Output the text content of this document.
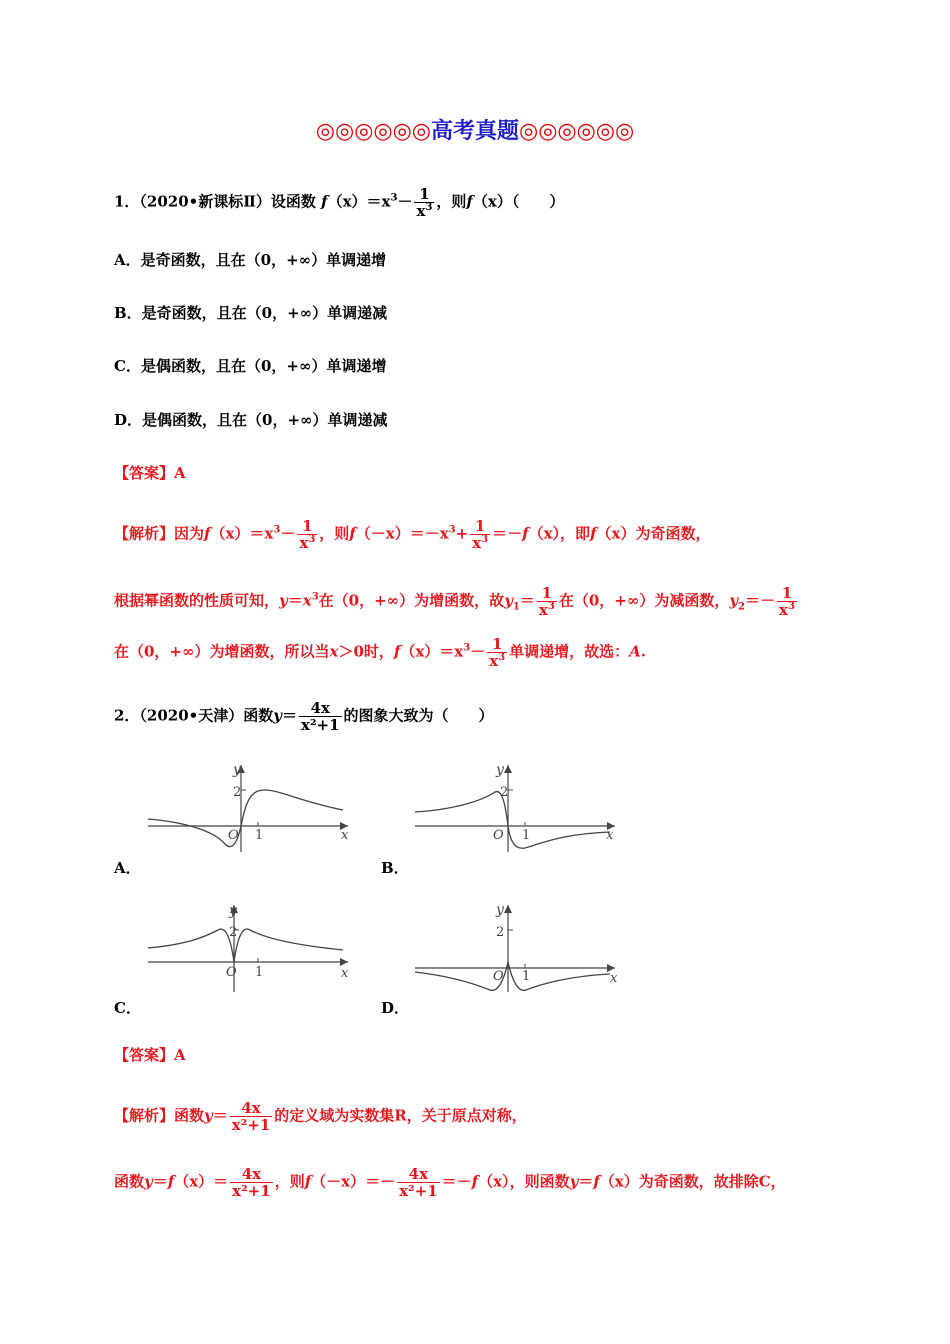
◎◎◎◎◎◎高考真题◎◎◎◎◎◎
1．（2020•新课标Ⅱ）设函数 $f(x)=x^3- \frac{1}{x^3}$ ，则f（x）（　　）
A．是奇函数，且在（0，+∞）单调递增
B．是奇函数，且在（0，+∞）单调递减
C．是偶函数，且在（0，+∞）单调递增
D．是偶函数，且在（0，+∞）单调递减
【答案】A
【解析】因为$f(x)=x^3- \frac{1}{x^3}$ ，则$f(-x)=-x^3+ \frac{1}{x^3} =-f(x)$，即f（x）为奇函数，
根据幂函数的性质可知，$y=x^3$在（0，+∞）为增函数，故$y_1= \frac{1}{x^3}$ 在（0，+∞）为减函数，$y_2=- \frac{1}{x^3}$
在（0，+∞）为增函数，所以当x＞0时，$f(x)=x^3- \frac{1}{x^3}$ 单调递增，故选：A.
2．（2020•天津）函数$y= \frac{4x}{\text{x²+1}}$ 的图象大致为（　　）
y
2
O 1	x
A．
y
2
O 1	x
B．
y
2
O 1	x
C．
y
2
O 1	x
D．
【答案】A
【解析】函数$y= \frac{4x}{\text{x²+1}}$ 的定义域为实数集R，关于原点对称，
函数$y=f(x)= \frac{4x}{\text{x²+1}}$ ，则$f(-x)=- \frac{4x}{\text{x²+1}} =-f(x)$，则函数y＝f（x）为奇函数，故排除C，
